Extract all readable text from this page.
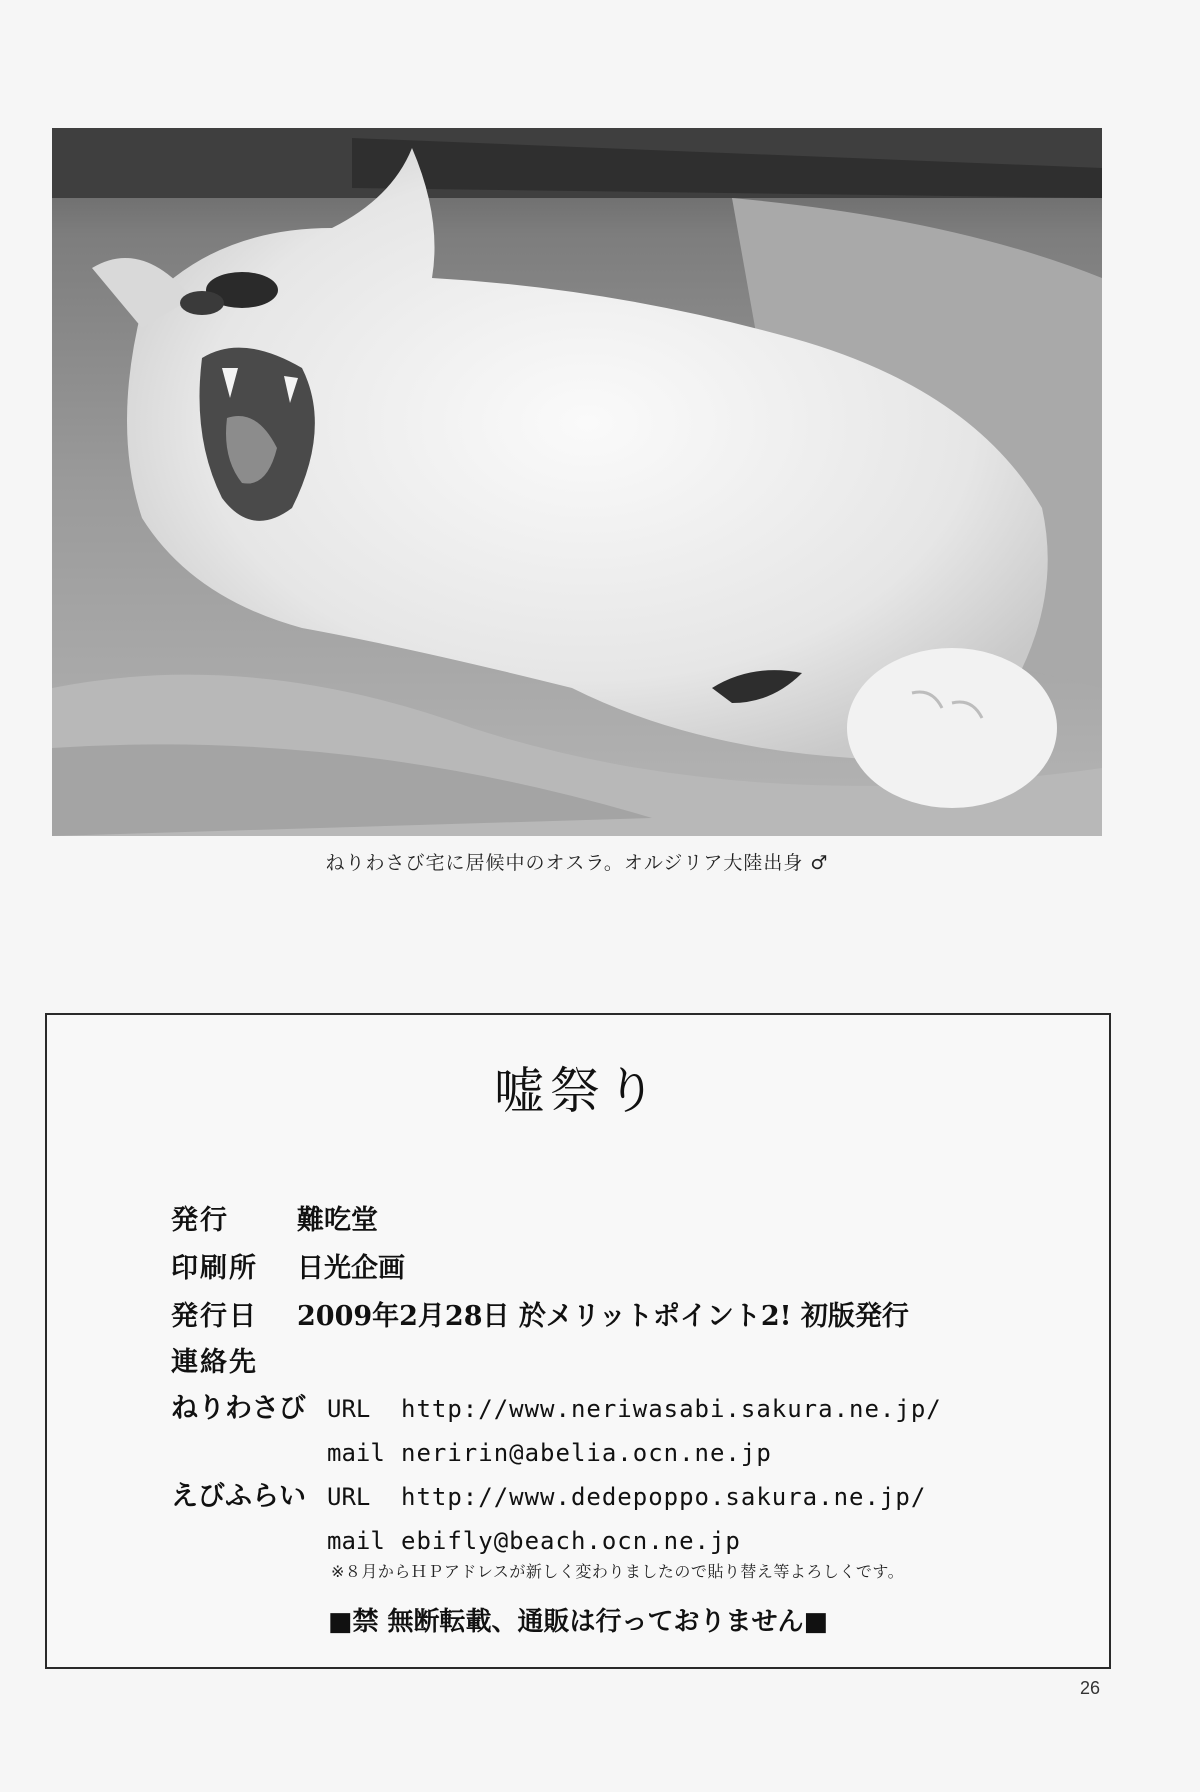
ねりわさび宅に居候中のオスラ。オルジリア大陸出身 ♂
嘘祭り
発行	難吃堂
印刷所 日光企画
発行日 2009年2月28日 於メリットポイント2! 初版発行
連絡先
ねりわさび URL http://www.neriwasabi.sakura.ne.jp/
mail neririn@abelia.ocn.ne.jp
えびふらい URL http://www.dedepoppo.sakura.ne.jp/
mail ebifly@beach.ocn.ne.jp
※８月からＨＰアドレスが新しく変わりましたので貼り替え等よろしくです。
■禁 無断転載、通販は行っておりません■
26
